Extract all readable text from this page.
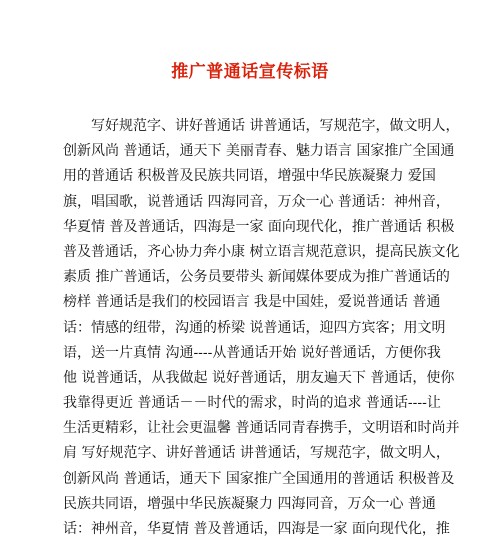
推广普通话宣传标语
　　写好规范字、讲好普通话 讲普通话，写规范字，做文明人，
创新风尚 普通话，通天下 美丽青春、魅力语言 国家推广全国通
用的普通话 积极普及民族共同语，增强中华民族凝聚力 爱国
旗，唱国歌，说普通话 四海同音，万众一心 普通话：神州音，
华夏情 普及普通话，四海是一家 面向现代化，推广普通话 积极
普及普通话，齐心协力奔小康 树立语言规范意识，提高民族文化
素质 推广普通话，公务员要带头 新闻媒体要成为推广普通话的
榜样 普通话是我们的校园语言 我是中国娃，爱说普通话 普通
话：情感的纽带，沟通的桥梁 说普通话，迎四方宾客；用文明
语，送一片真情 沟通----从普通话开始 说好普通话，方便你我
他 说普通话，从我做起 说好普通话，朋友遍天下 普通话，使你
我靠得更近 普通话－－时代的需求，时尚的追求 普通话----让
生活更精彩，让社会更温馨 普通话同青春携手，文明语和时尚并
肩 写好规范字、讲好普通话 讲普通话，写规范字，做文明人，
创新风尚 普通话，通天下 国家推广全国通用的普通话 积极普及
民族共同语，增强中华民族凝聚力 四海同音，万众一心 普通
话：神州音，华夏情 普及普通话，四海是一家 面向现代化，推
